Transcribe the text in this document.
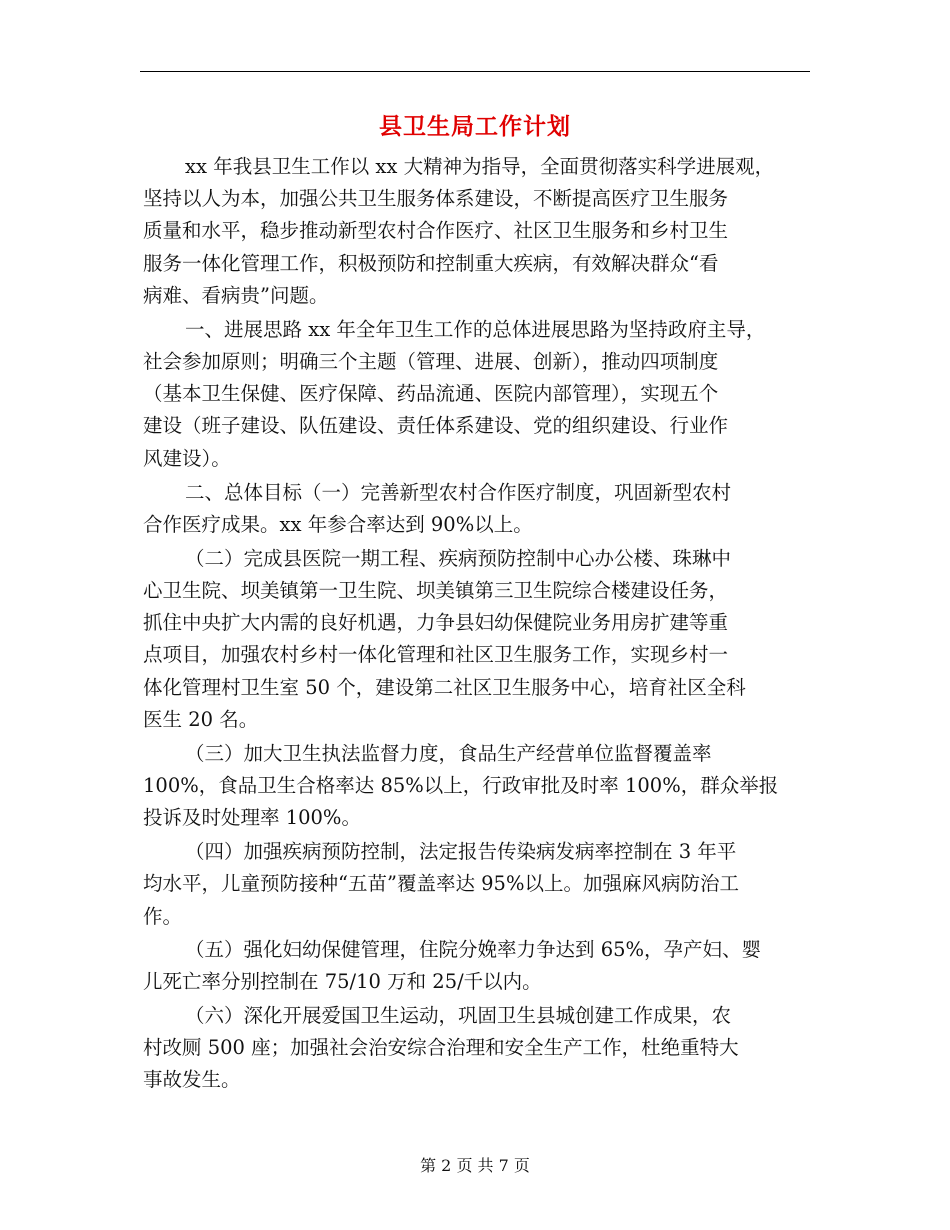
县卫生局工作计划
xx 年我县卫生工作以 xx 大精神为指导，全面贯彻落实科学进展观，
坚持以人为本，加强公共卫生服务体系建设，不断提高医疗卫生服务
质量和水平，稳步推动新型农村合作医疗、社区卫生服务和乡村卫生
服务一体化管理工作，积极预防和控制重大疾病，有效解决群众“看
病难、看病贵”问题。
一、进展思路 xx 年全年卫生工作的总体进展思路为坚持政府主导，
社会参加原则；明确三个主题（管理、进展、创新），推动四项制度
（基本卫生保健、医疗保障、药品流通、医院内部管理），实现五个
建设（班子建设、队伍建设、责任体系建设、党的组织建设、行业作
风建设）。
二、总体目标（一）完善新型农村合作医疗制度，巩固新型农村
合作医疗成果。xx 年参合率达到 90%以上。
（二）完成县医院一期工程、疾病预防控制中心办公楼、珠琳中
心卫生院、坝美镇第一卫生院、坝美镇第三卫生院综合楼建设任务，
抓住中央扩大内需的良好机遇，力争县妇幼保健院业务用房扩建等重
点项目，加强农村乡村一体化管理和社区卫生服务工作，实现乡村一
体化管理村卫生室 50 个，建设第二社区卫生服务中心，培育社区全科
医生 20 名。
（三）加大卫生执法监督力度，食品生产经营单位监督覆盖率
100%，食品卫生合格率达 85%以上，行政审批及时率 100%，群众举报
投诉及时处理率 100%。
（四）加强疾病预防控制，法定报告传染病发病率控制在 3 年平
均水平，儿童预防接种“五苗”覆盖率达 95%以上。加强麻风病防治工
作。
（五）强化妇幼保健管理，住院分娩率力争达到 65%，孕产妇、婴
儿死亡率分别控制在 75/10 万和 25/千以内。
（六）深化开展爱国卫生运动，巩固卫生县城创建工作成果，农
村改厕 500 座；加强社会治安综合治理和安全生产工作，杜绝重特大
事故发生。
第 2 页 共 7 页
